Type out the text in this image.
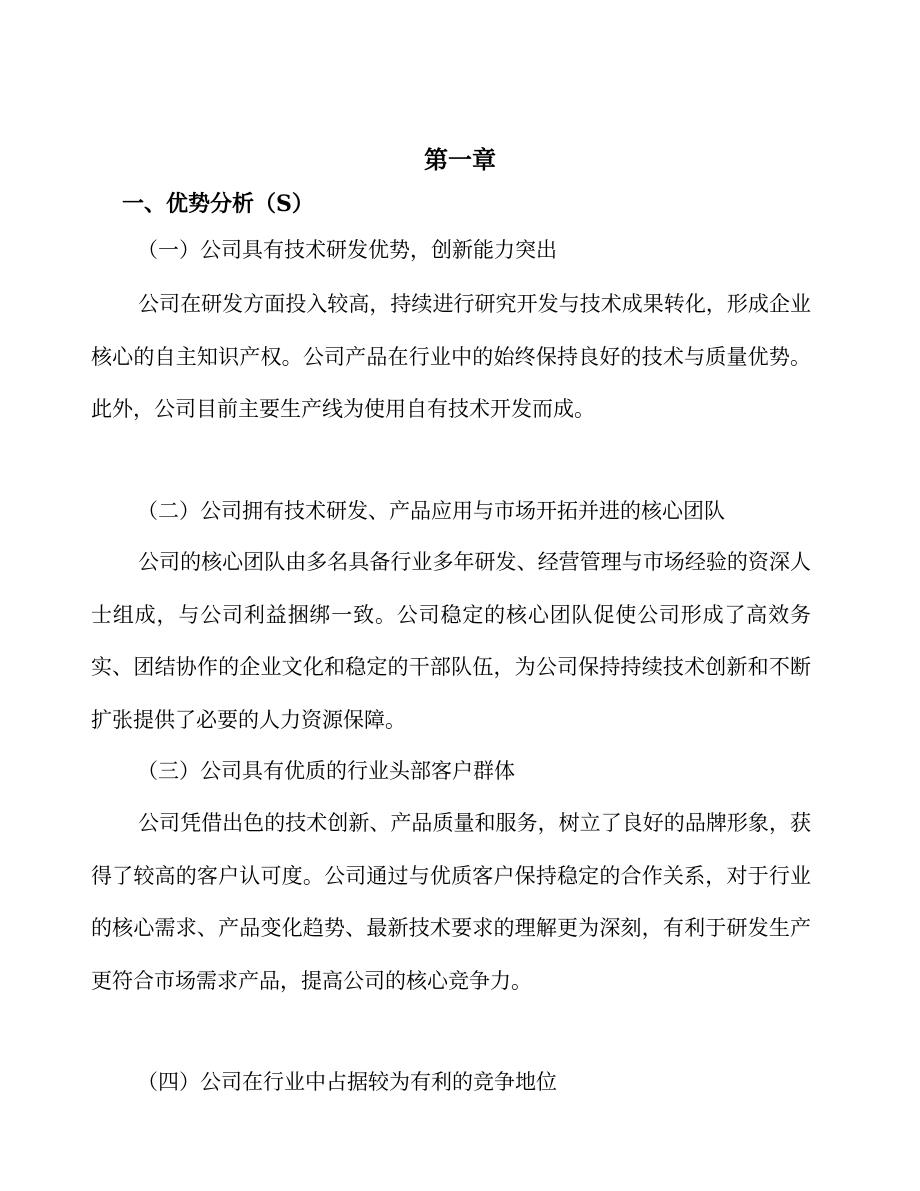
第一章
一、优势分析（S）
（一）公司具有技术研发优势，创新能力突出
公司在研发方面投入较高，持续进行研究开发与技术成果转化，形成企业核心的自主知识产权。公司产品在行业中的始终保持良好的技术与质量优势。此外，公司目前主要生产线为使用自有技术开发而成。
（二）公司拥有技术研发、产品应用与市场开拓并进的核心团队
公司的核心团队由多名具备行业多年研发、经营管理与市场经验的资深人士组成，与公司利益捆绑一致。公司稳定的核心团队促使公司形成了高效务实、团结协作的企业文化和稳定的干部队伍，为公司保持持续技术创新和不断扩张提供了必要的人力资源保障。
（三）公司具有优质的行业头部客户群体
公司凭借出色的技术创新、产品质量和服务，树立了良好的品牌形象，获得了较高的客户认可度。公司通过与优质客户保持稳定的合作关系，对于行业的核心需求、产品变化趋势、最新技术要求的理解更为深刻，有利于研发生产更符合市场需求产品，提高公司的核心竞争力。
（四）公司在行业中占据较为有利的竞争地位
